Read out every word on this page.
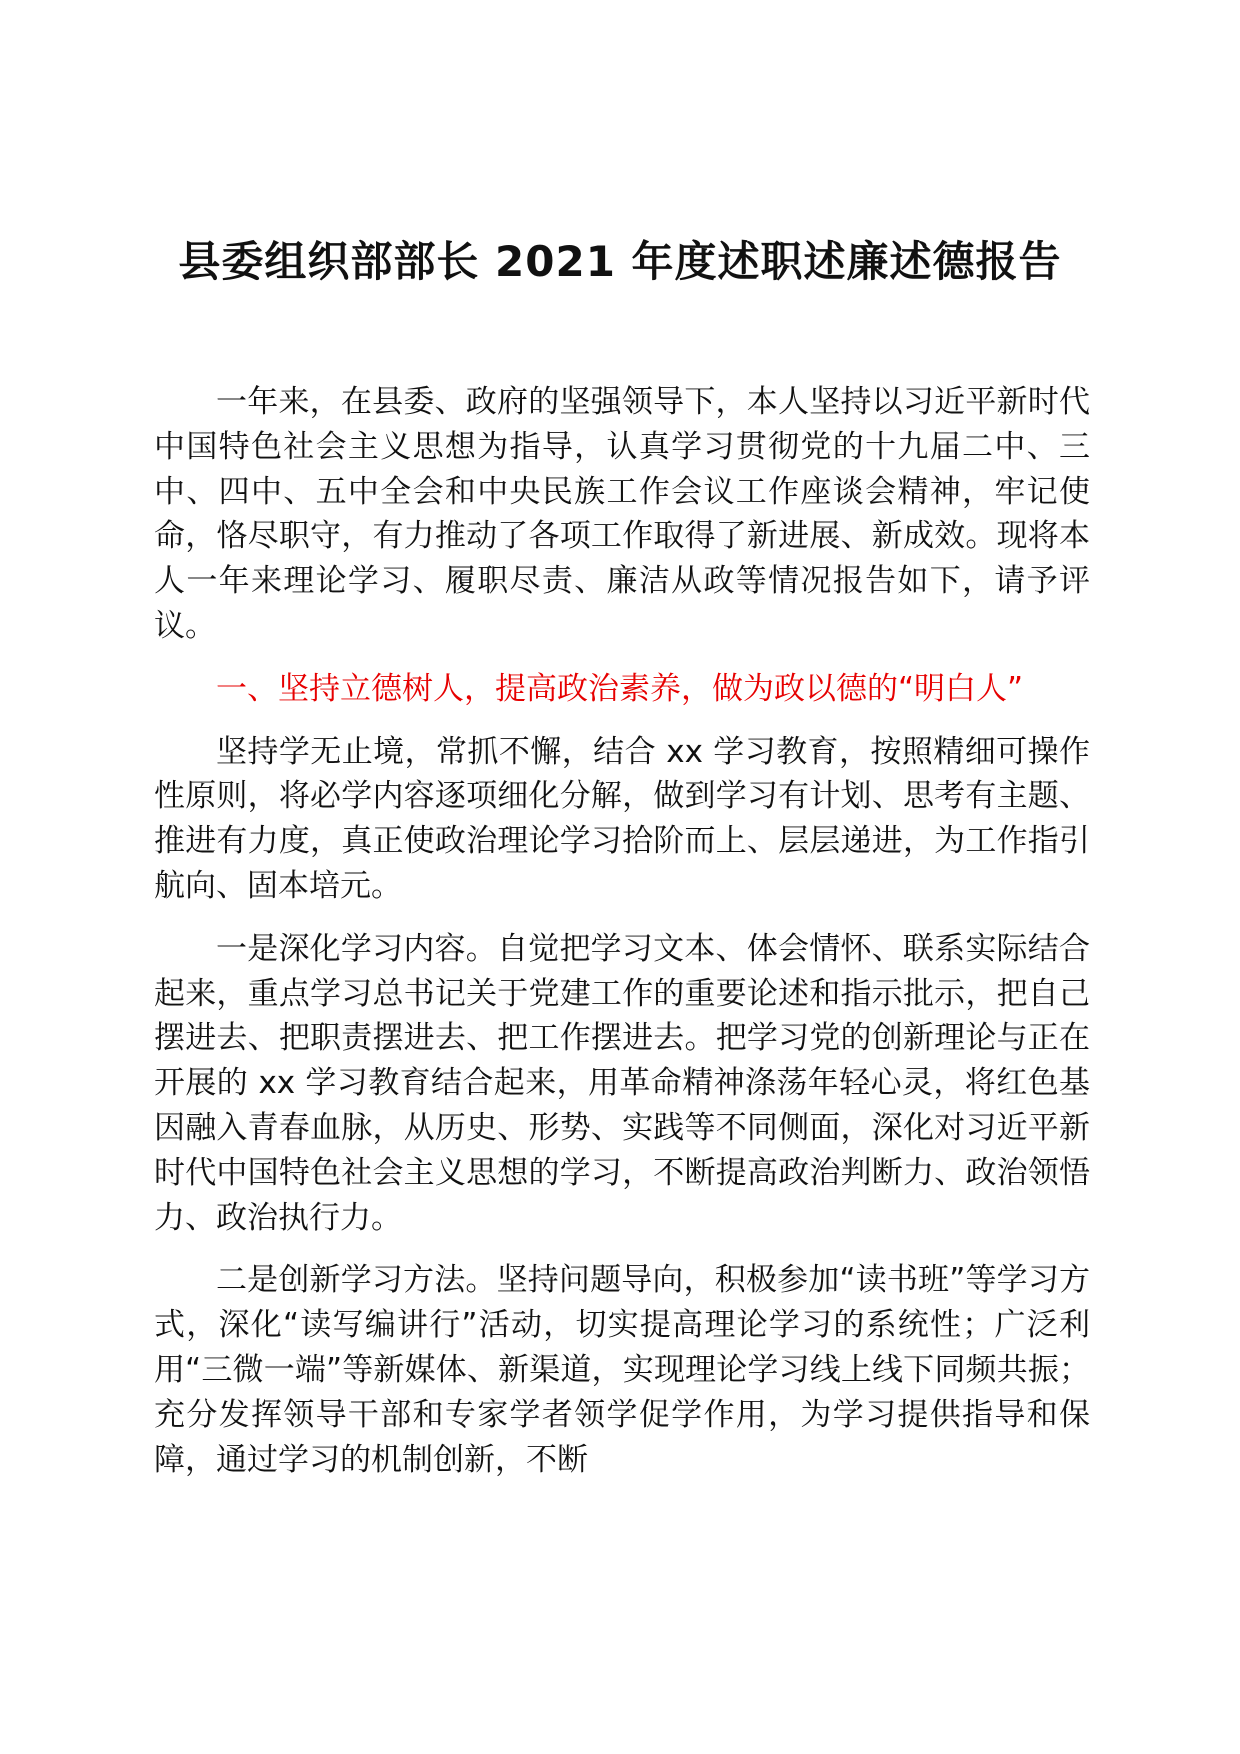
县委组织部部长 2021 年度述职述廉述德报告

一年来，在县委、政府的坚强领导下，本人坚持以习近平新时代中国特色社会主义思想为指导，认真学习贯彻党的十九届二中、三中、四中、五中全会和中央民族工作会议工作座谈会精神，牢记使命，恪尽职守，有力推动了各项工作取得了新进展、新成效。现将本人一年来理论学习、履职尽责、廉洁从政等情况报告如下，请予评议。

一、坚持立德树人，提高政治素养，做为政以德的“明白人”

坚持学无止境，常抓不懈，结合 xx 学习教育，按照精细可操作性原则，将必学内容逐项细化分解，做到学习有计划、思考有主题、推进有力度，真正使政治理论学习拾阶而上、层层递进，为工作指引航向、固本培元。

一是深化学习内容。自觉把学习文本、体会情怀、联系实际结合起来，重点学习总书记关于党建工作的重要论述和指示批示，把自己摆进去、把职责摆进去、把工作摆进去。把学习党的创新理论与正在开展的 xx 学习教育结合起来，用革命精神涤荡年轻心灵，将红色基因融入青春血脉，从历史、形势、实践等不同侧面，深化对习近平新时代中国特色社会主义思想的学习，不断提高政治判断力、政治领悟力、政治执行力。

二是创新学习方法。坚持问题导向，积极参加“读书班”等学习方式，深化“读写编讲行”活动，切实提高理论学习的系统性；广泛利用“三微一端”等新媒体、新渠道，实现理论学习线上线下同频共振；充分发挥领导干部和专家学者领学促学作用，为学习提供指导和保障，通过学习的机制创新，不断
